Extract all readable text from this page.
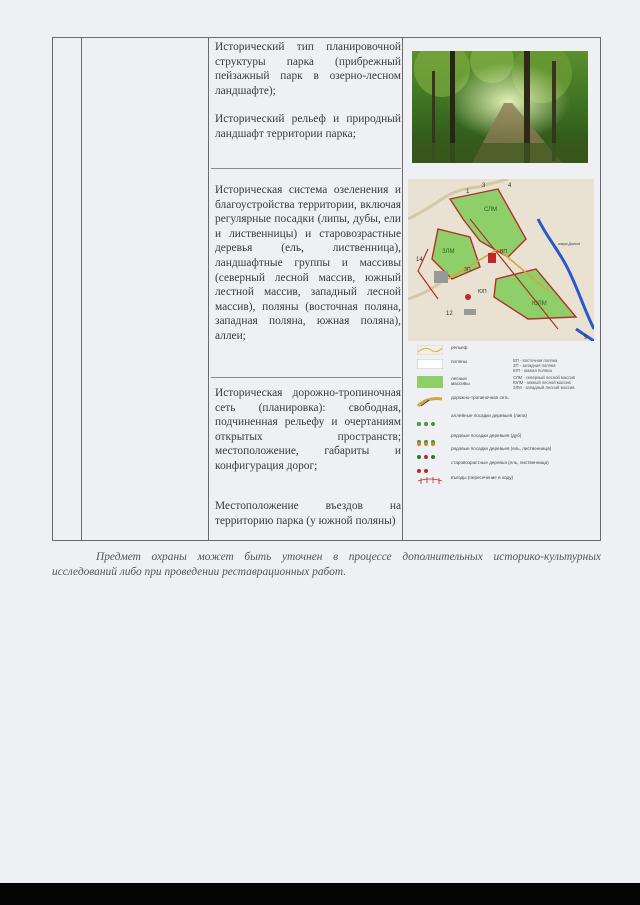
Исторический тип планировочной структуры парка (прибрежный пейзажный парк в озерно-лесном ландшафте);
Исторический рельеф и природный ландшафт территории парка;
Историческая система озеленения и благоустройства территории, включая регулярные посадки (липы, дубы, ели и лиственницы) и старовозрастные деревья (ель, лиственница), ландшафтные группы и массивы (северный лесной массив, южный лестной массив, западный лесной массив), поляны (восточная поляна, западная поляна, южная поляна), аллеи;
Историческая дорожно-тропиночная сеть (планировка): свободная, подчиненная рельефу и очертаниям открытых пространств; местоположение, габариты и конфигурация дорог;
Местоположение въездов на территорию парка (у южной поляны)
СЛМ
ЗЛМ
ЮЛМ
ВП
ЗП
ЮП
14
12
9
1
3	4
озеро Долгое
рельеф
поляны	ВП - восточная поляна
ЗП - западная поляна
ЮП - южная поляна
лесные массивы
СЛМ - северный лесной массив
ЮЛМ - южный лесной массив
ЗЛМ - западный лесной массив
дорожно-тропиночная сеть

аллейные посадки деревьев (липа)
рядовые посадки деревьев (дуб)
рядовые посадки деревьев (ель, лиственница)
старовозрастные деревья (ель, лиственница)
въезды (пересечение в ходу)
Предмет охраны может быть уточнен в процессе дополнительных историко-культурных исследований либо при проведении реставрационных работ.
